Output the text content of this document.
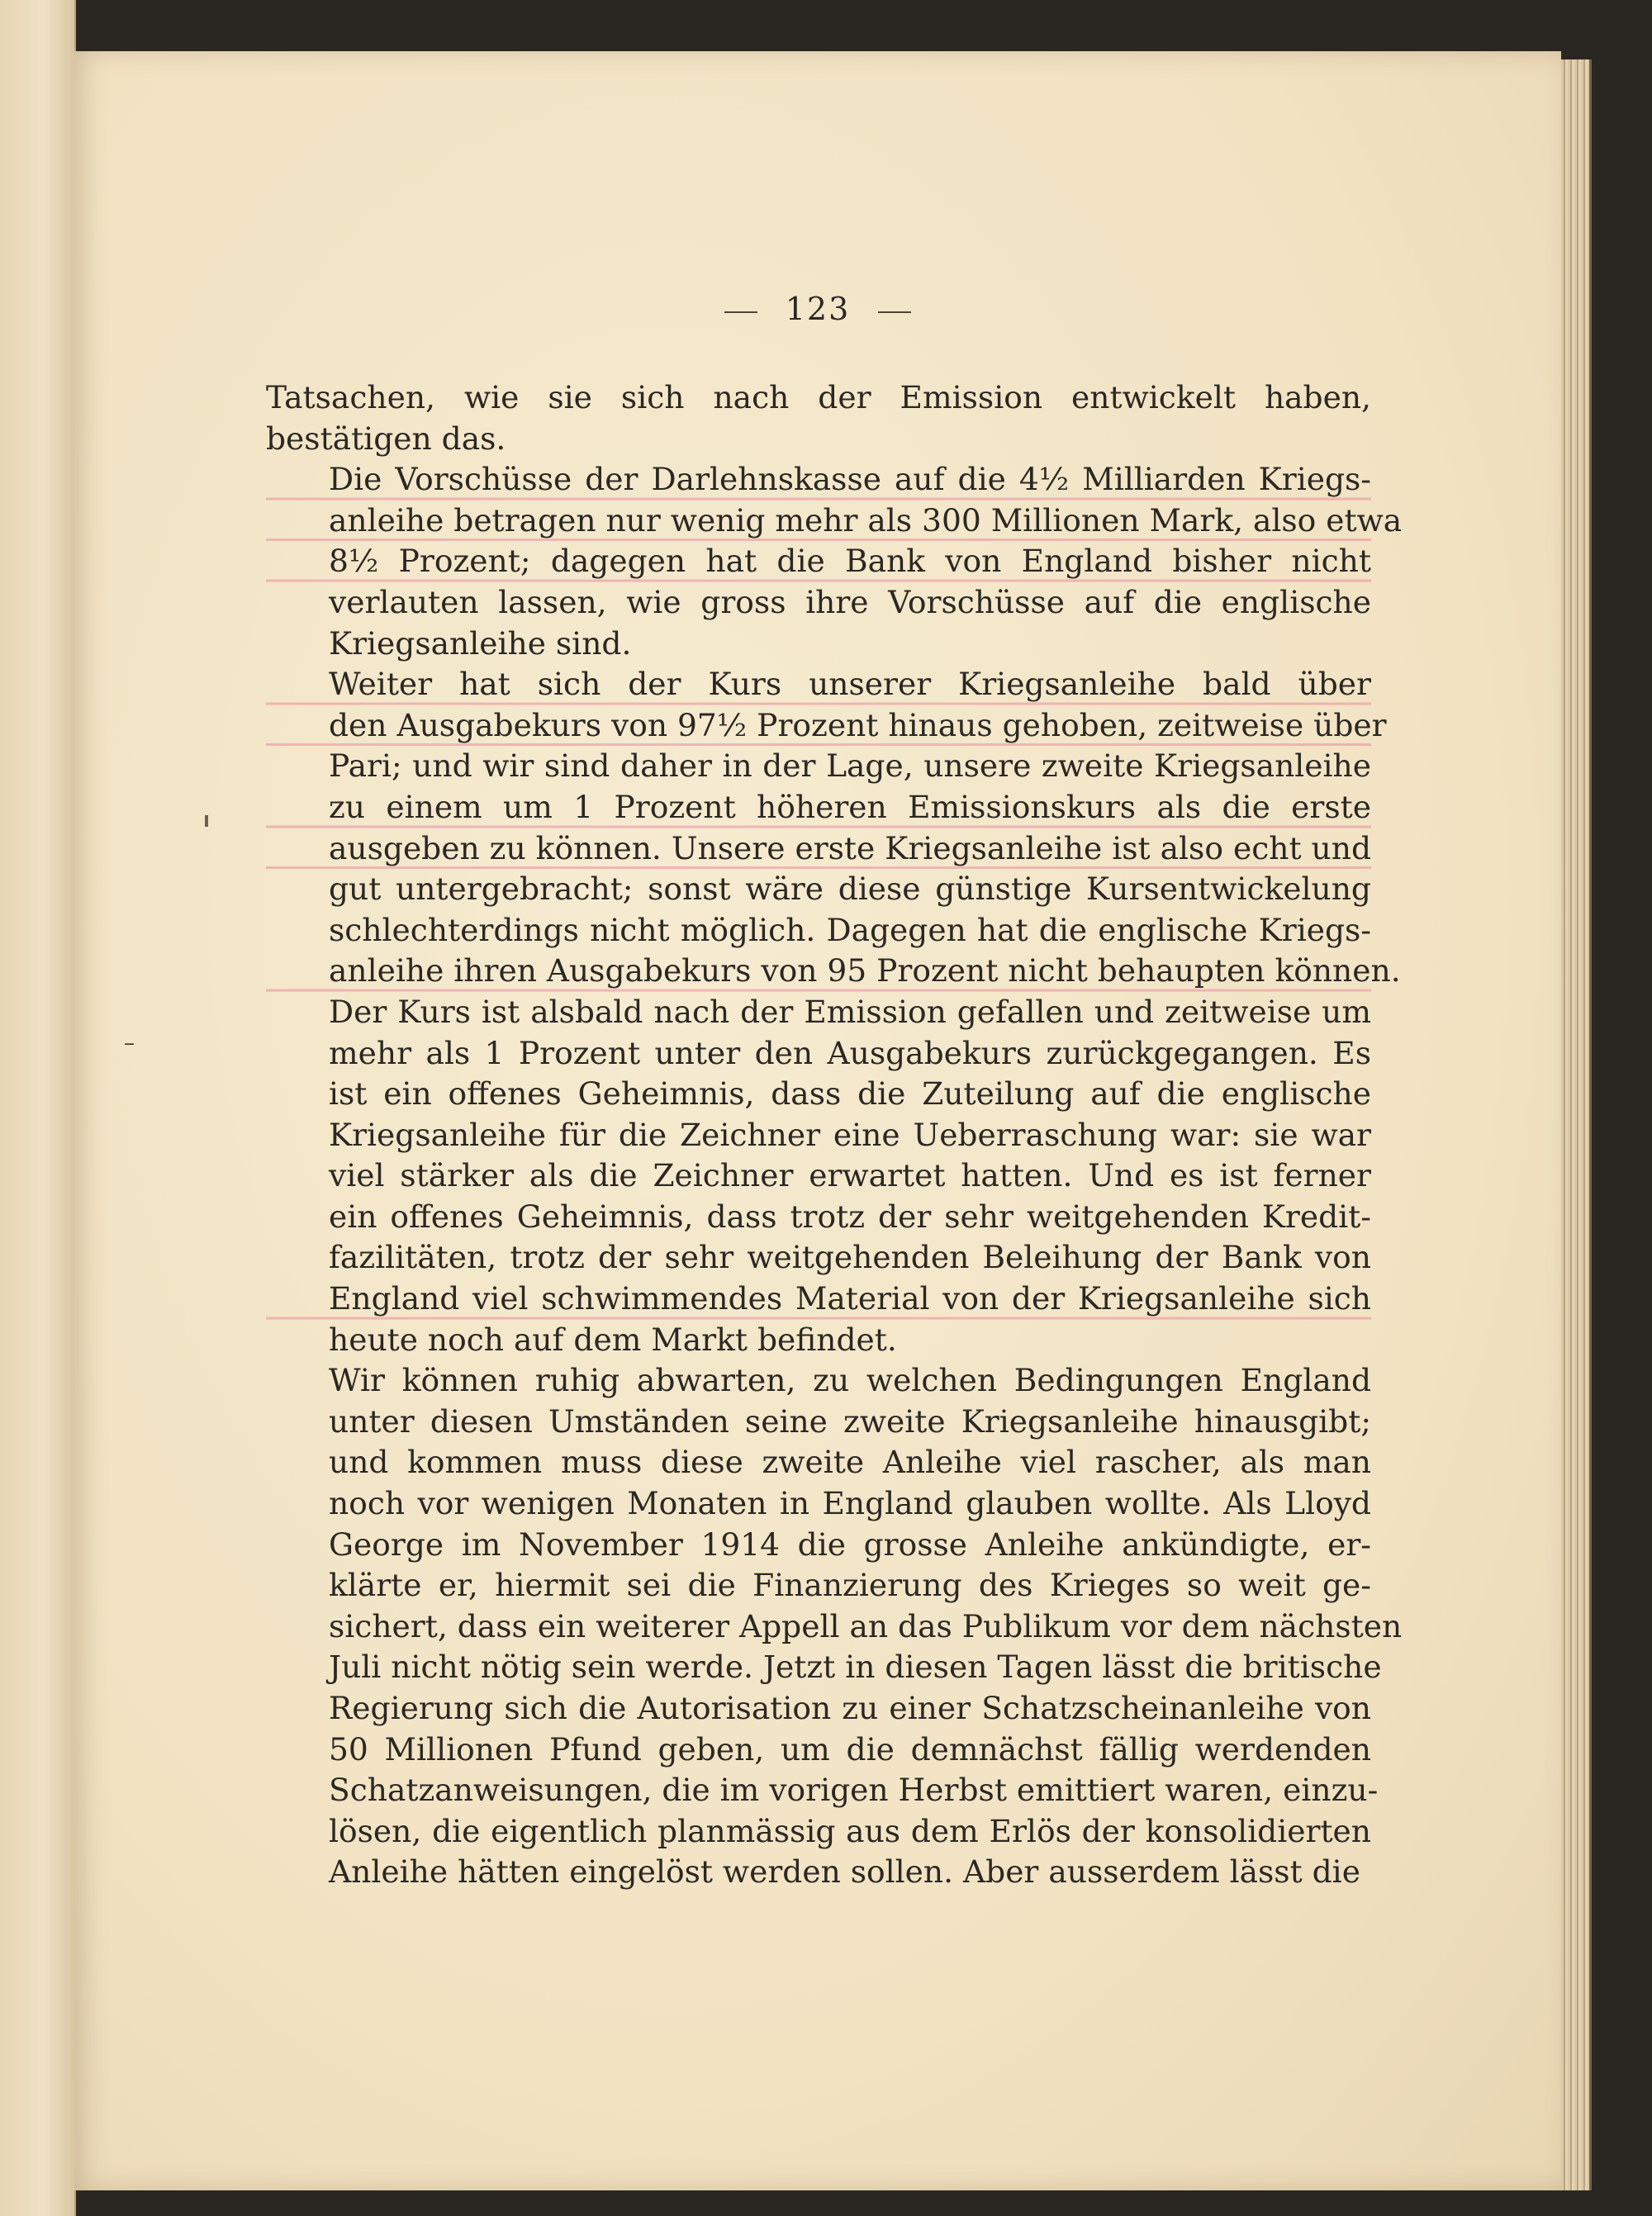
123

Tatsachen, wie sie sich nach der Emission entwickelt haben,
bestätigen das.

Die Vorschüsse der Darlehnskasse auf die 4½ Milliarden Kriegs-
anleihe betragen nur wenig mehr als 300 Millionen Mark, also etwa
8½ Prozent; dagegen hat die Bank von England bisher nicht
verlauten lassen, wie gross ihre Vorschüsse auf die englische
Kriegsanleihe sind.

Weiter hat sich der Kurs unserer Kriegsanleihe bald über
den Ausgabekurs von 97½ Prozent hinaus gehoben, zeitweise über
Pari; und wir sind daher in der Lage, unsere zweite Kriegsanleihe
zu einem um 1 Prozent höheren Emissionskurs als die erste
ausgeben zu können. Unsere erste Kriegsanleihe ist also echt und
gut untergebracht; sonst wäre diese günstige Kursentwickelung
schlechterdings nicht möglich. Dagegen hat die englische Kriegs-
anleihe ihren Ausgabekurs von 95 Prozent nicht behaupten können.
Der Kurs ist alsbald nach der Emission gefallen und zeitweise um
mehr als 1 Prozent unter den Ausgabekurs zurückgegangen. Es
ist ein offenes Geheimnis, dass die Zuteilung auf die englische
Kriegsanleihe für die Zeichner eine Ueberraschung war: sie war
viel stärker als die Zeichner erwartet hatten. Und es ist ferner
ein offenes Geheimnis, dass trotz der sehr weitgehenden Kredit-
fazilitäten, trotz der sehr weitgehenden Beleihung der Bank von
England viel schwimmendes Material von der Kriegsanleihe sich
heute noch auf dem Markt befindet.

Wir können ruhig abwarten, zu welchen Bedingungen England
unter diesen Umständen seine zweite Kriegsanleihe hinausgibt;
und kommen muss diese zweite Anleihe viel rascher, als man
noch vor wenigen Monaten in England glauben wollte. Als Lloyd
George im November 1914 die grosse Anleihe ankündigte, er-
klärte er, hiermit sei die Finanzierung des Krieges so weit ge-
sichert, dass ein weiterer Appell an das Publikum vor dem nächsten
Juli nicht nötig sein werde. Jetzt in diesen Tagen lässt die britische
Regierung sich die Autorisation zu einer Schatzscheinanleihe von
50 Millionen Pfund geben, um die demnächst fällig werdenden
Schatzanweisungen, die im vorigen Herbst emittiert waren, einzu-
lösen, die eigentlich planmässig aus dem Erlös der konsolidierten
Anleihe hätten eingelöst werden sollen. Aber ausserdem lässt die

–
